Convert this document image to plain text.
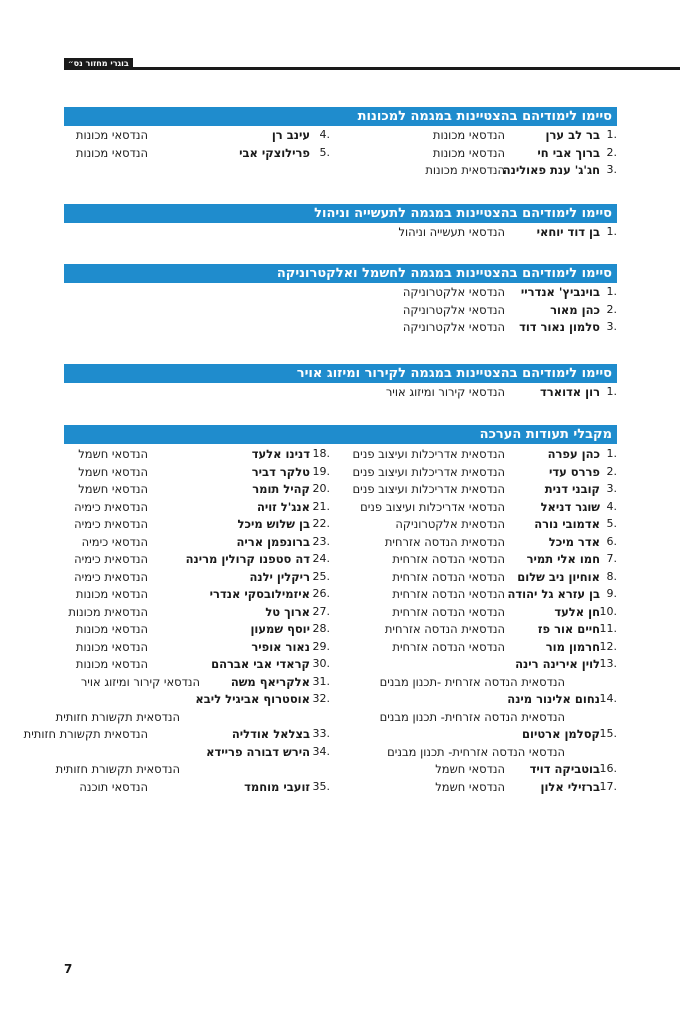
בוגרי מחזור נס״
סיימו לימודיהם בהצטיינות במגמה למכונות
סיימו לימודיהם בהצטיינות במגמה לתעשייה וניהול
סיימו לימודיהם בהצטיינות במגמה לחשמל ואלקטרוניקה
סיימו לימודיהם בהצטיינות במגמה לקירור ומיזוג אויר
מקבלי תעודות הערכה
1.
בר לב ערן
הנדסאי מכונות
2.
ברוך אבי חי
הנדסאי מכונות
3.
חג'ג' ענת פאולינה
הנדסאית מכונות
4.
עינב רן
הנדסאי מכונות
5.
פרילוצקי אבי
הנדסאי מכונות
1.
בן דוד יוחאי
הנדסאי תעשייה וניהול
1.
בוינביץ' אנדריי
הנדסאי אלקטרוניקה
2.
כהן מאור
הנדסאי אלקטרוניקה
3.
סלמון נאור דוד
הנדסאי אלקטרוניקה
1.
רון אדוארד
הנדסאי קירור ומיזוג אויר
1.
כהן עפרה
הנדסאית אדריכלות ועיצוב פנים
2.
פררס עדי
הנדסאית אדריכלות ועיצוב פנים
3.
קובני דנית
הנדסאית אדריכלות ועיצוב פנים
4.
שוגר דניאל
הנדסאי אדריכלות ועיצוב פנים
5.
אדמובי נורה
הנדסאית אלקטרוניקה
6.
אדר מיכל
הנדסאית הנדסה אזרחית
7.
חמו אלי תמיר
הנדסאי הנדסה אזרחית
8.
אוחיון ניב שלום
הנדסאי הנדסה אזרחית
9.
בן עזרא גל יהודה
הנדסאי הנדסה אזרחית
10.
חן אלעד
הנדסאי הנדסה אזרחית
11.
חיים אור פז
הנדסאית הנדסה אזרחית
12.
חרמון מור
הנדסאי הנדסה אזרחית
13.
לוין אירינה רינה
הנדסאית הנדסה אזרחית -תכנון מבנים
14.
נחום אלינור מינה
הנדסאית הנדסה אזרחית- תכנון מבנים
15.
קסלמן ארטיום
הנדסאי הנדסה אזרחית- תכנון מבנים
16.
בוטביקה דויד
הנדסאי חשמל
17.
ברזילי אלון
הנדסאי חשמל
18.
דנינו אלעד
הנדסאי חשמל
19.
טלקר דביר
הנדסאי חשמל
20.
קהיל תומר
הנדסאי חשמל
21.
אנג'ל זויה
הנדסאית כימיה
22.
בן שלוש מיכל
הנדסאית כימיה
23.
ברונפמן אריה
הנדסאי כימיה
24.
דה סטפנו קרולין מרינה
הנדסאית כימיה
25.
ריקלין ילנה
הנדסאית כימיה
26.
איזמילובסקי אנדרי
הנדסאי מכונות
27.
ארוך טל
הנדסאית מכונות
28.
יוסף שמעון
הנדסאי מכונות
29.
נאור אופיר
הנדסאי מכונות
30.
קראדי אבי אברהם
הנדסאי מכונות
31.
אלקריאף משה
הנדסאי קירור ומיזוג אויר
32.
אוסטרוף אביגיל ליבא
הנדסאית תקשורת חזותית
33.
בצלאל אודליה
הנדסאית תקשורת חזותית
34.
הירש דבורה פריידא
הנדסאית תקשורת חזותית
35.
זועבי מוחמד
הנדסאי תוכנה
7
